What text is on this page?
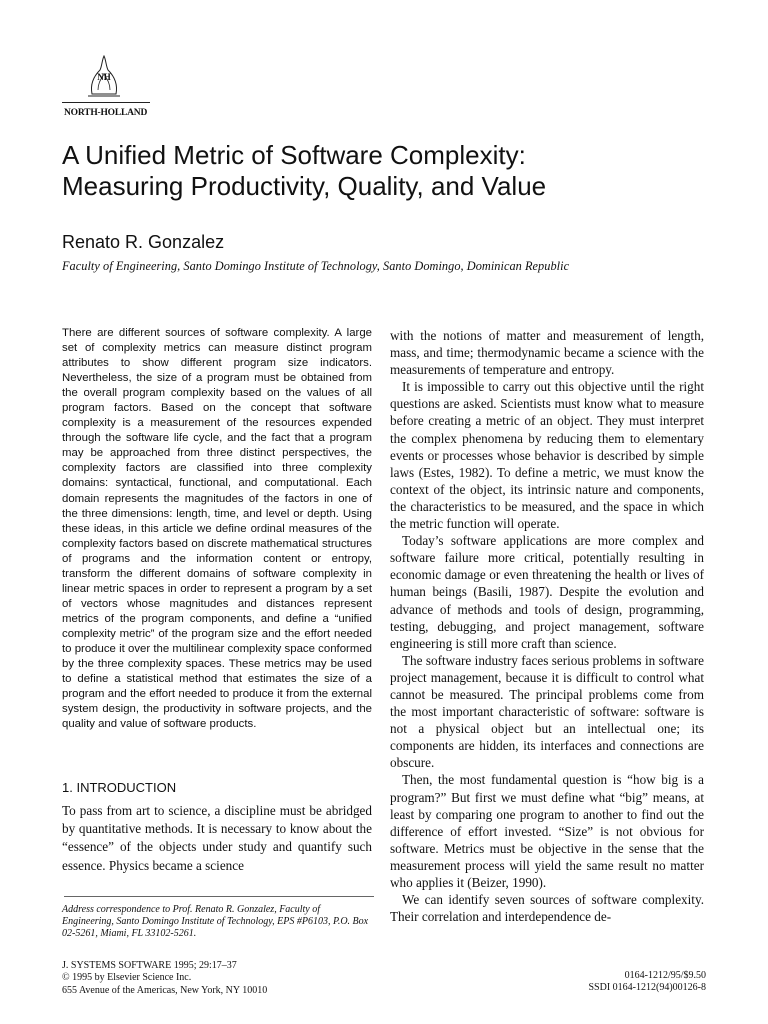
NH
NORTH-HOLLAND
A Unified Metric of Software Complexity:
Measuring Productivity, Quality, and Value
Renato R. Gonzalez
Faculty of Engineering, Santo Domingo Institute of Technology, Santo Domingo, Dominican Republic
There are different sources of software complexity. A large set of complexity metrics can measure distinct program attributes to show different program size indicators. Nevertheless, the size of a program must be obtained from the overall program complexity based on the values of all program factors. Based on the concept that software complexity is a measurement of the resources expended through the software life cycle, and the fact that a program may be approached from three distinct perspectives, the complexity factors are classified into three complexity domains: syntactical, functional, and computational. Each domain represents the magnitudes of the factors in one of the three dimensions: length, time, and level or depth. Using these ideas, in this article we define ordinal measures of the complexity factors based on discrete mathematical structures of programs and the information content or entropy, transform the different domains of software complexity in linear metric spaces in order to represent a program by a set of vectors whose magnitudes and distances represent metrics of the program components, and define a “unified complexity metric” of the program size and the effort needed to produce it over the multilinear complexity space conformed by the three complexity spaces. These metrics may be used to define a statistical method that estimates the size of a program and the effort needed to produce it from the external system design, the productivity in software projects, and the quality and value of software products.
1. INTRODUCTION
To pass from art to science, a discipline must be abridged by quantitative methods. It is necessary to know about the “essence” of the objects under study and quantify such essence. Physics became a science
Address correspondence to Prof. Renato R. Gonzalez, Faculty of Engineering, Santo Domingo Institute of Technology, EPS #P6103, P.O. Box 02-5261, Miami, FL 33102-5261.

with the notions of matter and measurement of length, mass, and time; thermodynamic became a science with the measurements of temperature and entropy.

It is impossible to carry out this objective until the right questions are asked. Scientists must know what to measure before creating a metric of an object. They must interpret the complex phenomena by reducing them to elementary events or processes whose behavior is described by simple laws (Estes, 1982). To define a metric, we must know the context of the object, its intrinsic nature and components, the characteristics to be measured, and the space in which the metric function will operate.

Today’s software applications are more complex and software failure more critical, potentially resulting in economic damage or even threatening the health or lives of human beings (Basili, 1987). Despite the evolution and advance of methods and tools of design, programming, testing, debugging, and project management, software engineering is still more craft than science.

The software industry faces serious problems in software project management, because it is difficult to control what cannot be measured. The principal problems come from the most important characteristic of software: software is not a physical object but an intellectual one; its components are hidden, its interfaces and connections are obscure.

Then, the most fundamental question is “how big is a program?” But first we must define what “big” means, at least by comparing one program to another to find out the difference of effort invested. “Size” is not obvious for software. Metrics must be objective in the sense that the measurement process will yield the same result no matter who applies it (Beizer, 1990).

We can identify seven sources of software complexity. Their correlation and interdependence de-

J. SYSTEMS SOFTWARE 1995; 29:17–37
© 1995 by Elsevier Science Inc.
655 Avenue of the Americas, New York, NY 10010
0164-1212/95/$9.50
SSDI 0164-1212(94)00126-8
